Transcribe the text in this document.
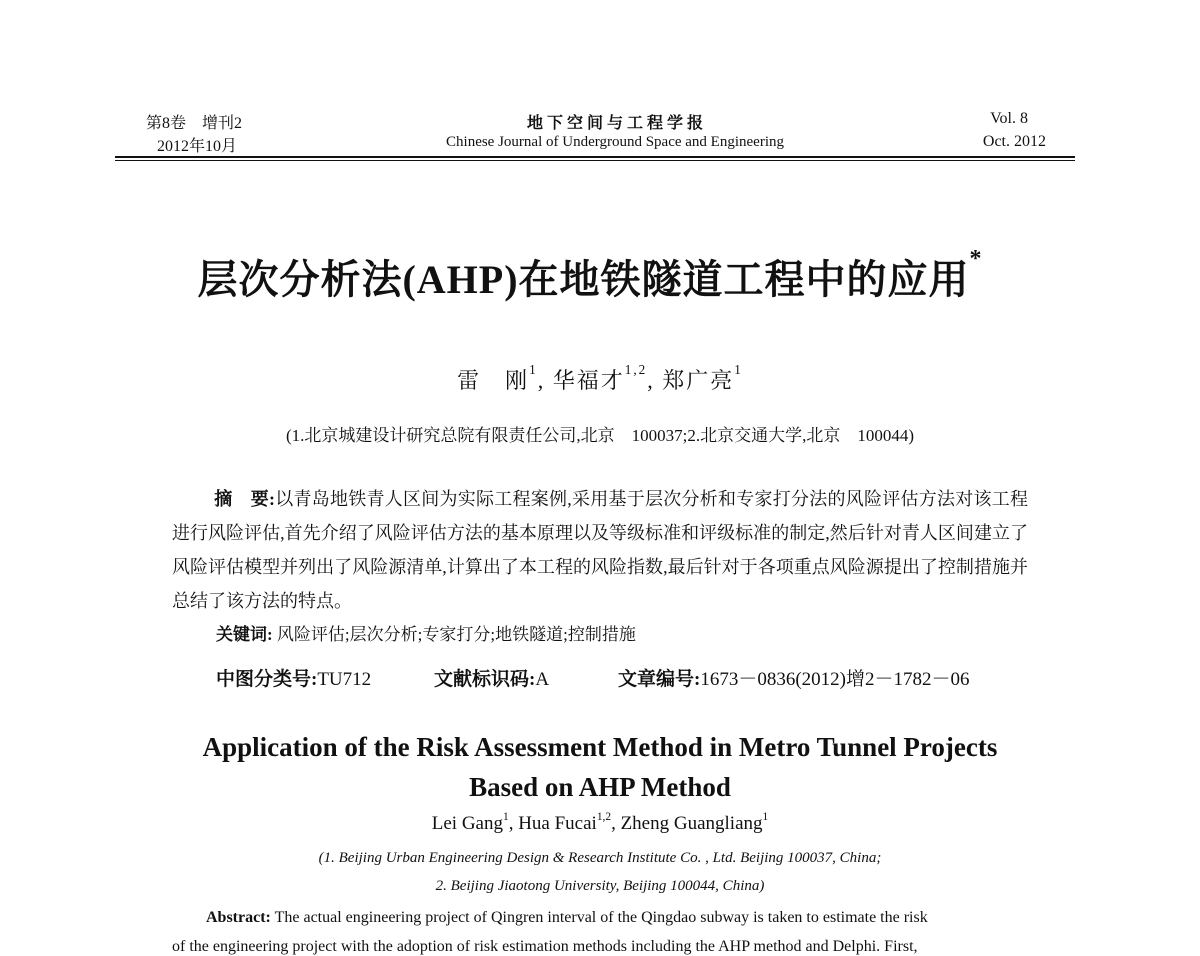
第8卷　增刊2
2012年10月
地 下 空 间 与 工 程 学 报
Chinese Journal of Underground Space and Engineering
Vol. 8
Oct. 2012
层次分析法(AHP)在地铁隧道工程中的应用*
雷　刚$^1$, 华福才$^{1,2}$, 郑广亮$^1$
(1.北京城建设计研究总院有限责任公司,北京　100037;2.北京交通大学,北京　100044)
摘　要:以青岛地铁青人区间为实际工程案例,采用基于层次分析和专家打分法的风险评估方法对该工程进行风险评估,首先介绍了风险评估方法的基本原理以及等级标准和评级标准的制定,然后针对青人区间建立了风险评估模型并列出了风险源清单,计算出了本工程的风险指数,最后针对于各项重点风险源提出了控制措施并总结了该方法的特点。
关键词: 风险评估;层次分析;专家打分;地铁隧道;控制措施
中图分类号:TU712	文献标识码:A	文章编号:1673－0836(2012)增2－1782－06
Application of the Risk Assessment Method in Metro Tunnel Projects
Based on AHP Method
Lei Gang$^1$, Hua Fucai$^{1,2}$, Zheng Guangliang$^1$
(1. Beijing Urban Engineering Design & Research Institute Co. , Ltd. Beijing 100037, China;
2. Beijing Jiaotong University, Beijing 100044, China)
Abstract: The actual engineering project of Qingren interval of the Qingdao subway is taken to estimate the risk
of the engineering project with the adoption of risk estimation methods including the AHP method and Delphi. First,
